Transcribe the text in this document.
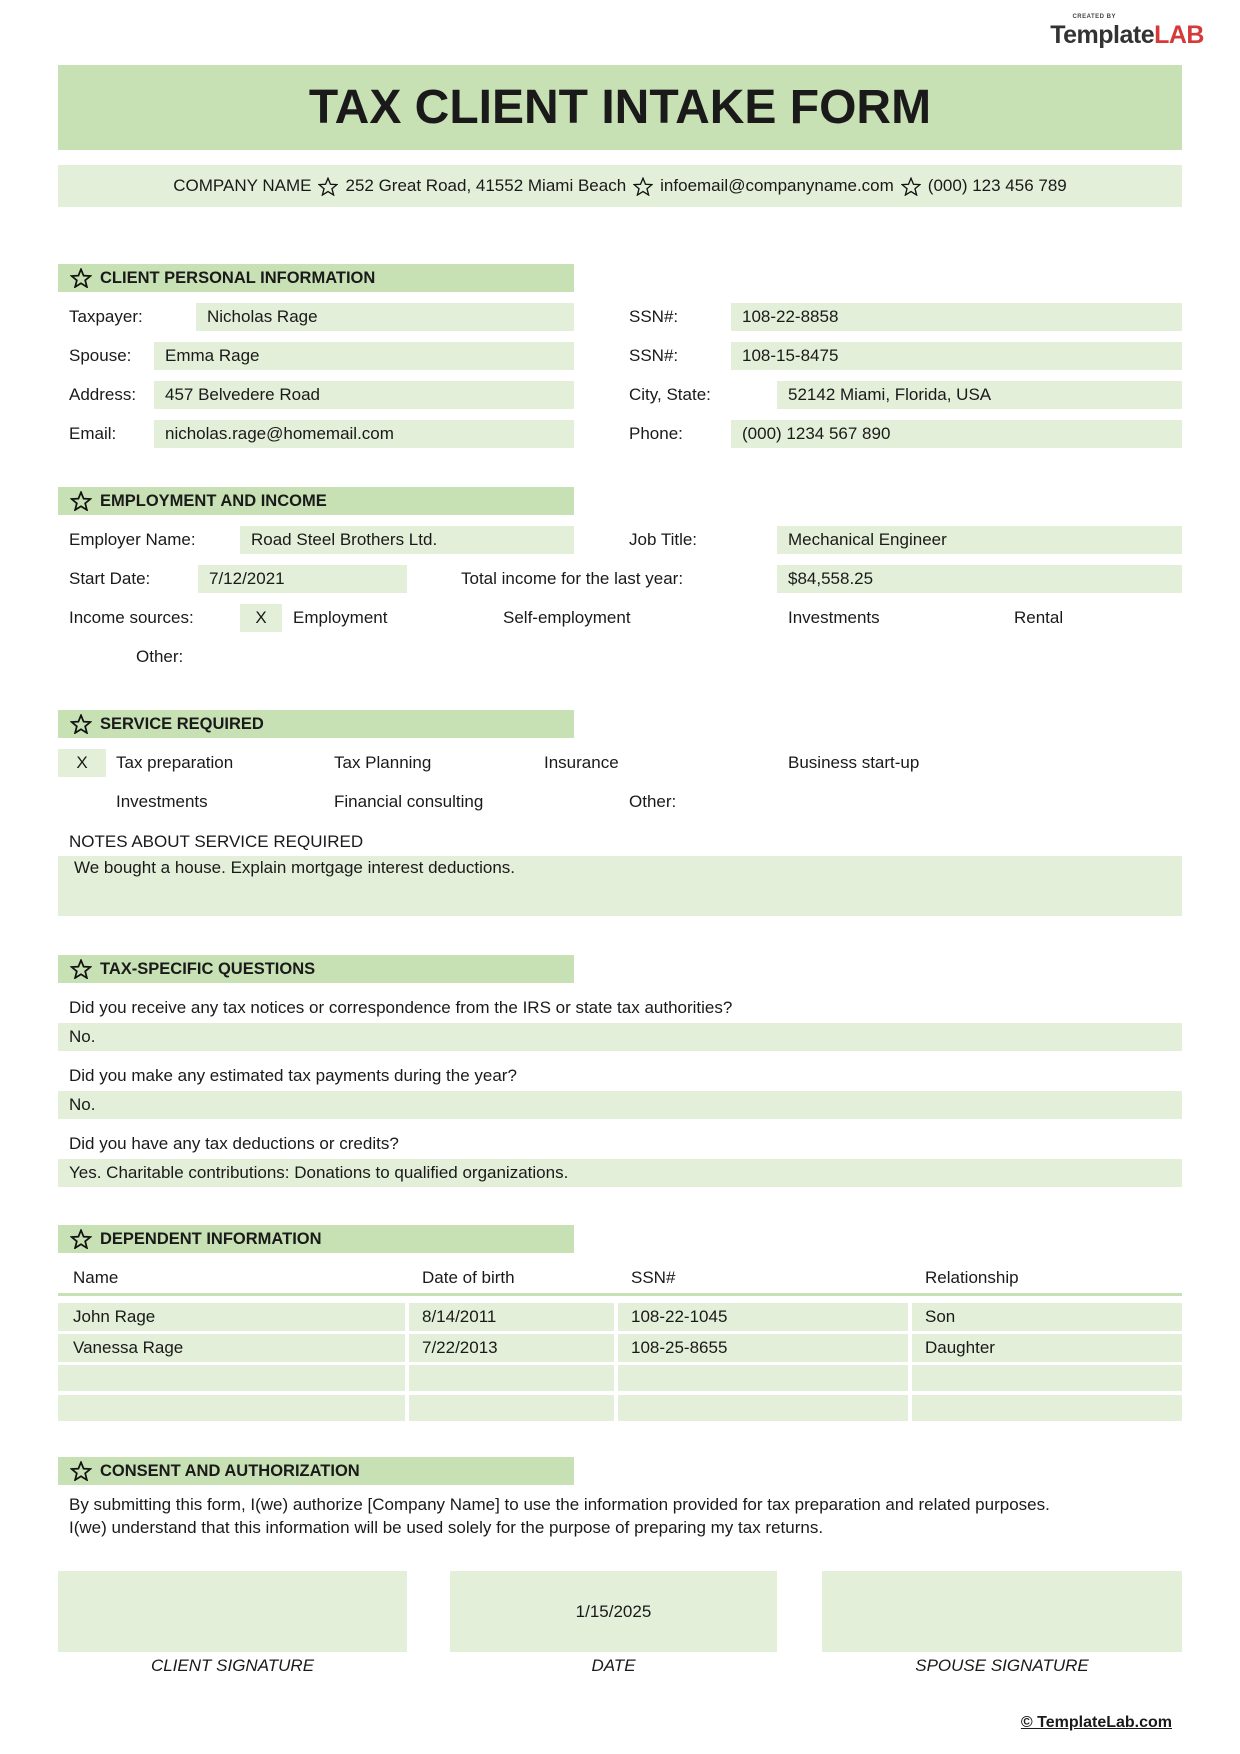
CREATED BY
TemplateLAB
TAX CLIENT INTAKE FORM
COMPANY NAME 252 Great Road, 41552 Miami Beach infoemail@companyname.com (000) 123 456 789
CLIENT PERSONAL INFORMATION
Taxpayer:	Nicholas Rage	SSN#:	108-22-8858
Spouse:	Emma Rage	SSN#:	108-15-8475
Address:	457 Belvedere Road	City, State:	52142 Miami, Florida, USA
Email:	nicholas.rage@homemail.com	Phone:	(000) 1234 567 890
EMPLOYMENT AND INCOME
Employer Name:	Road Steel Brothers Ltd.	Job Title:	Mechanical Engineer
Start Date:	7/12/2021	Total income for the last year:	$84,558.25
Income sources:	X	Employment	Self-employment	Investments	Rental
Other:
SERVICE REQUIRED
X	Tax preparation	Tax Planning	Insurance	Business start-up
Investments	Financial consulting	Other:
NOTES ABOUT SERVICE REQUIRED
We bought a house. Explain mortgage interest deductions.
TAX-SPECIFIC QUESTIONS
Did you receive any tax notices or correspondence from the IRS or state tax authorities?
No.
Did you make any estimated tax payments during the year?
No.
Did you have any tax deductions or credits?
Yes. Charitable contributions: Donations to qualified organizations.
DEPENDENT INFORMATION
Name	Date of birth	SSN#	Relationship
John Rage	8/14/2011	108-22-1045	Son
Vanessa Rage	7/22/2013	108-25-8655	Daughter
CONSENT AND AUTHORIZATION
By submitting this form, I(we) authorize [Company Name] to use the information provided for tax preparation and related purposes.
I(we) understand that this information will be used solely for the purpose of preparing my tax returns.
1/15/2025
CLIENT SIGNATURE	DATE	SPOUSE SIGNATURE
© TemplateLab.com
